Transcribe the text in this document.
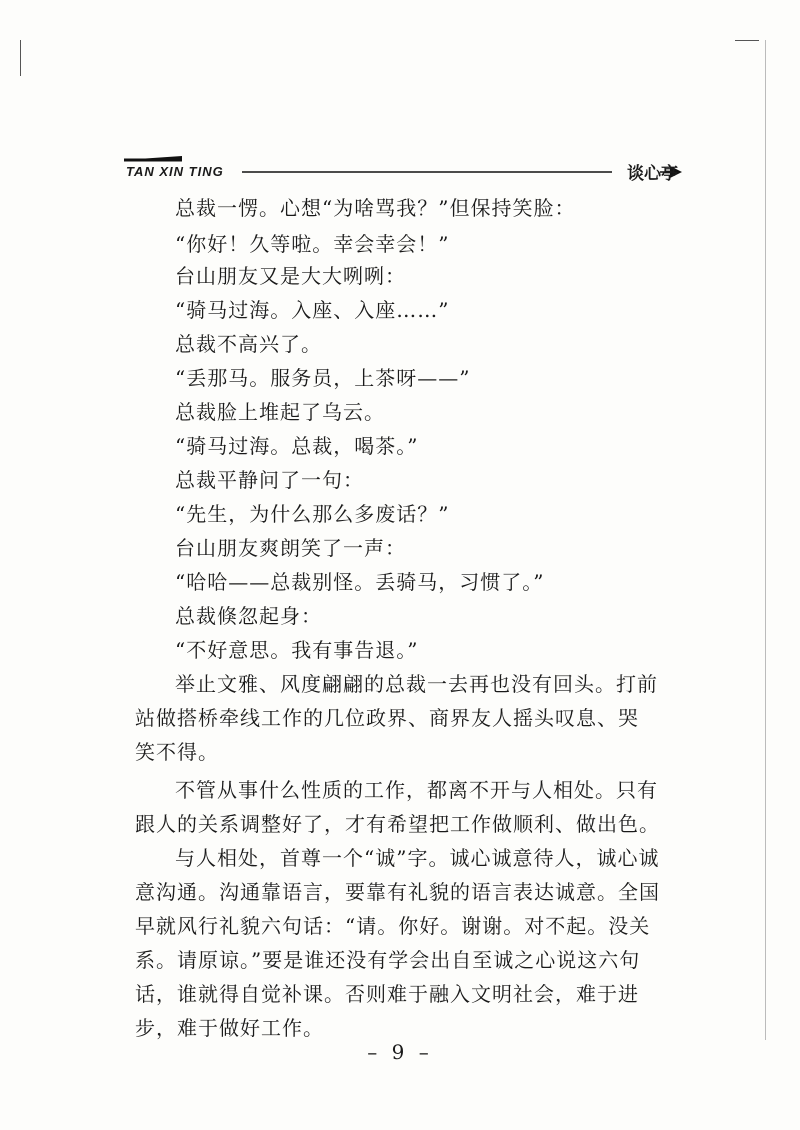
TAN XIN TING	谈心亭
总裁一愣。心想“为啥骂我？”但保持笑脸：
“你好！久等啦。幸会幸会！”
台山朋友又是大大咧咧：
“骑马过海。入座、入座……”
总裁不高兴了。
“丢那马。服务员，上茶呀——”
总裁脸上堆起了乌云。
“骑马过海。总裁，喝茶。”
总裁平静问了一句：
“先生，为什么那么多废话？”
台山朋友爽朗笑了一声：
“哈哈——总裁别怪。丢骑马，习惯了。”
总裁倏忽起身：
“不好意思。我有事告退。”
举止文雅、风度翩翩的总裁一去再也没有回头。打前
站做搭桥牵线工作的几位政界、商界友人摇头叹息、哭
笑不得。
不管从事什么性质的工作，都离不开与人相处。只有
跟人的关系调整好了，才有希望把工作做顺利、做出色。
与人相处，首尊一个“诚”字。诚心诚意待人，诚心诚
意沟通。沟通靠语言，要靠有礼貌的语言表达诚意。全国
早就风行礼貌六句话：“请。你好。谢谢。对不起。没关
系。请原谅。”要是谁还没有学会出自至诚之心说这六句
话，谁就得自觉补课。否则难于融入文明社会，难于进
步，难于做好工作。
– 9 –
